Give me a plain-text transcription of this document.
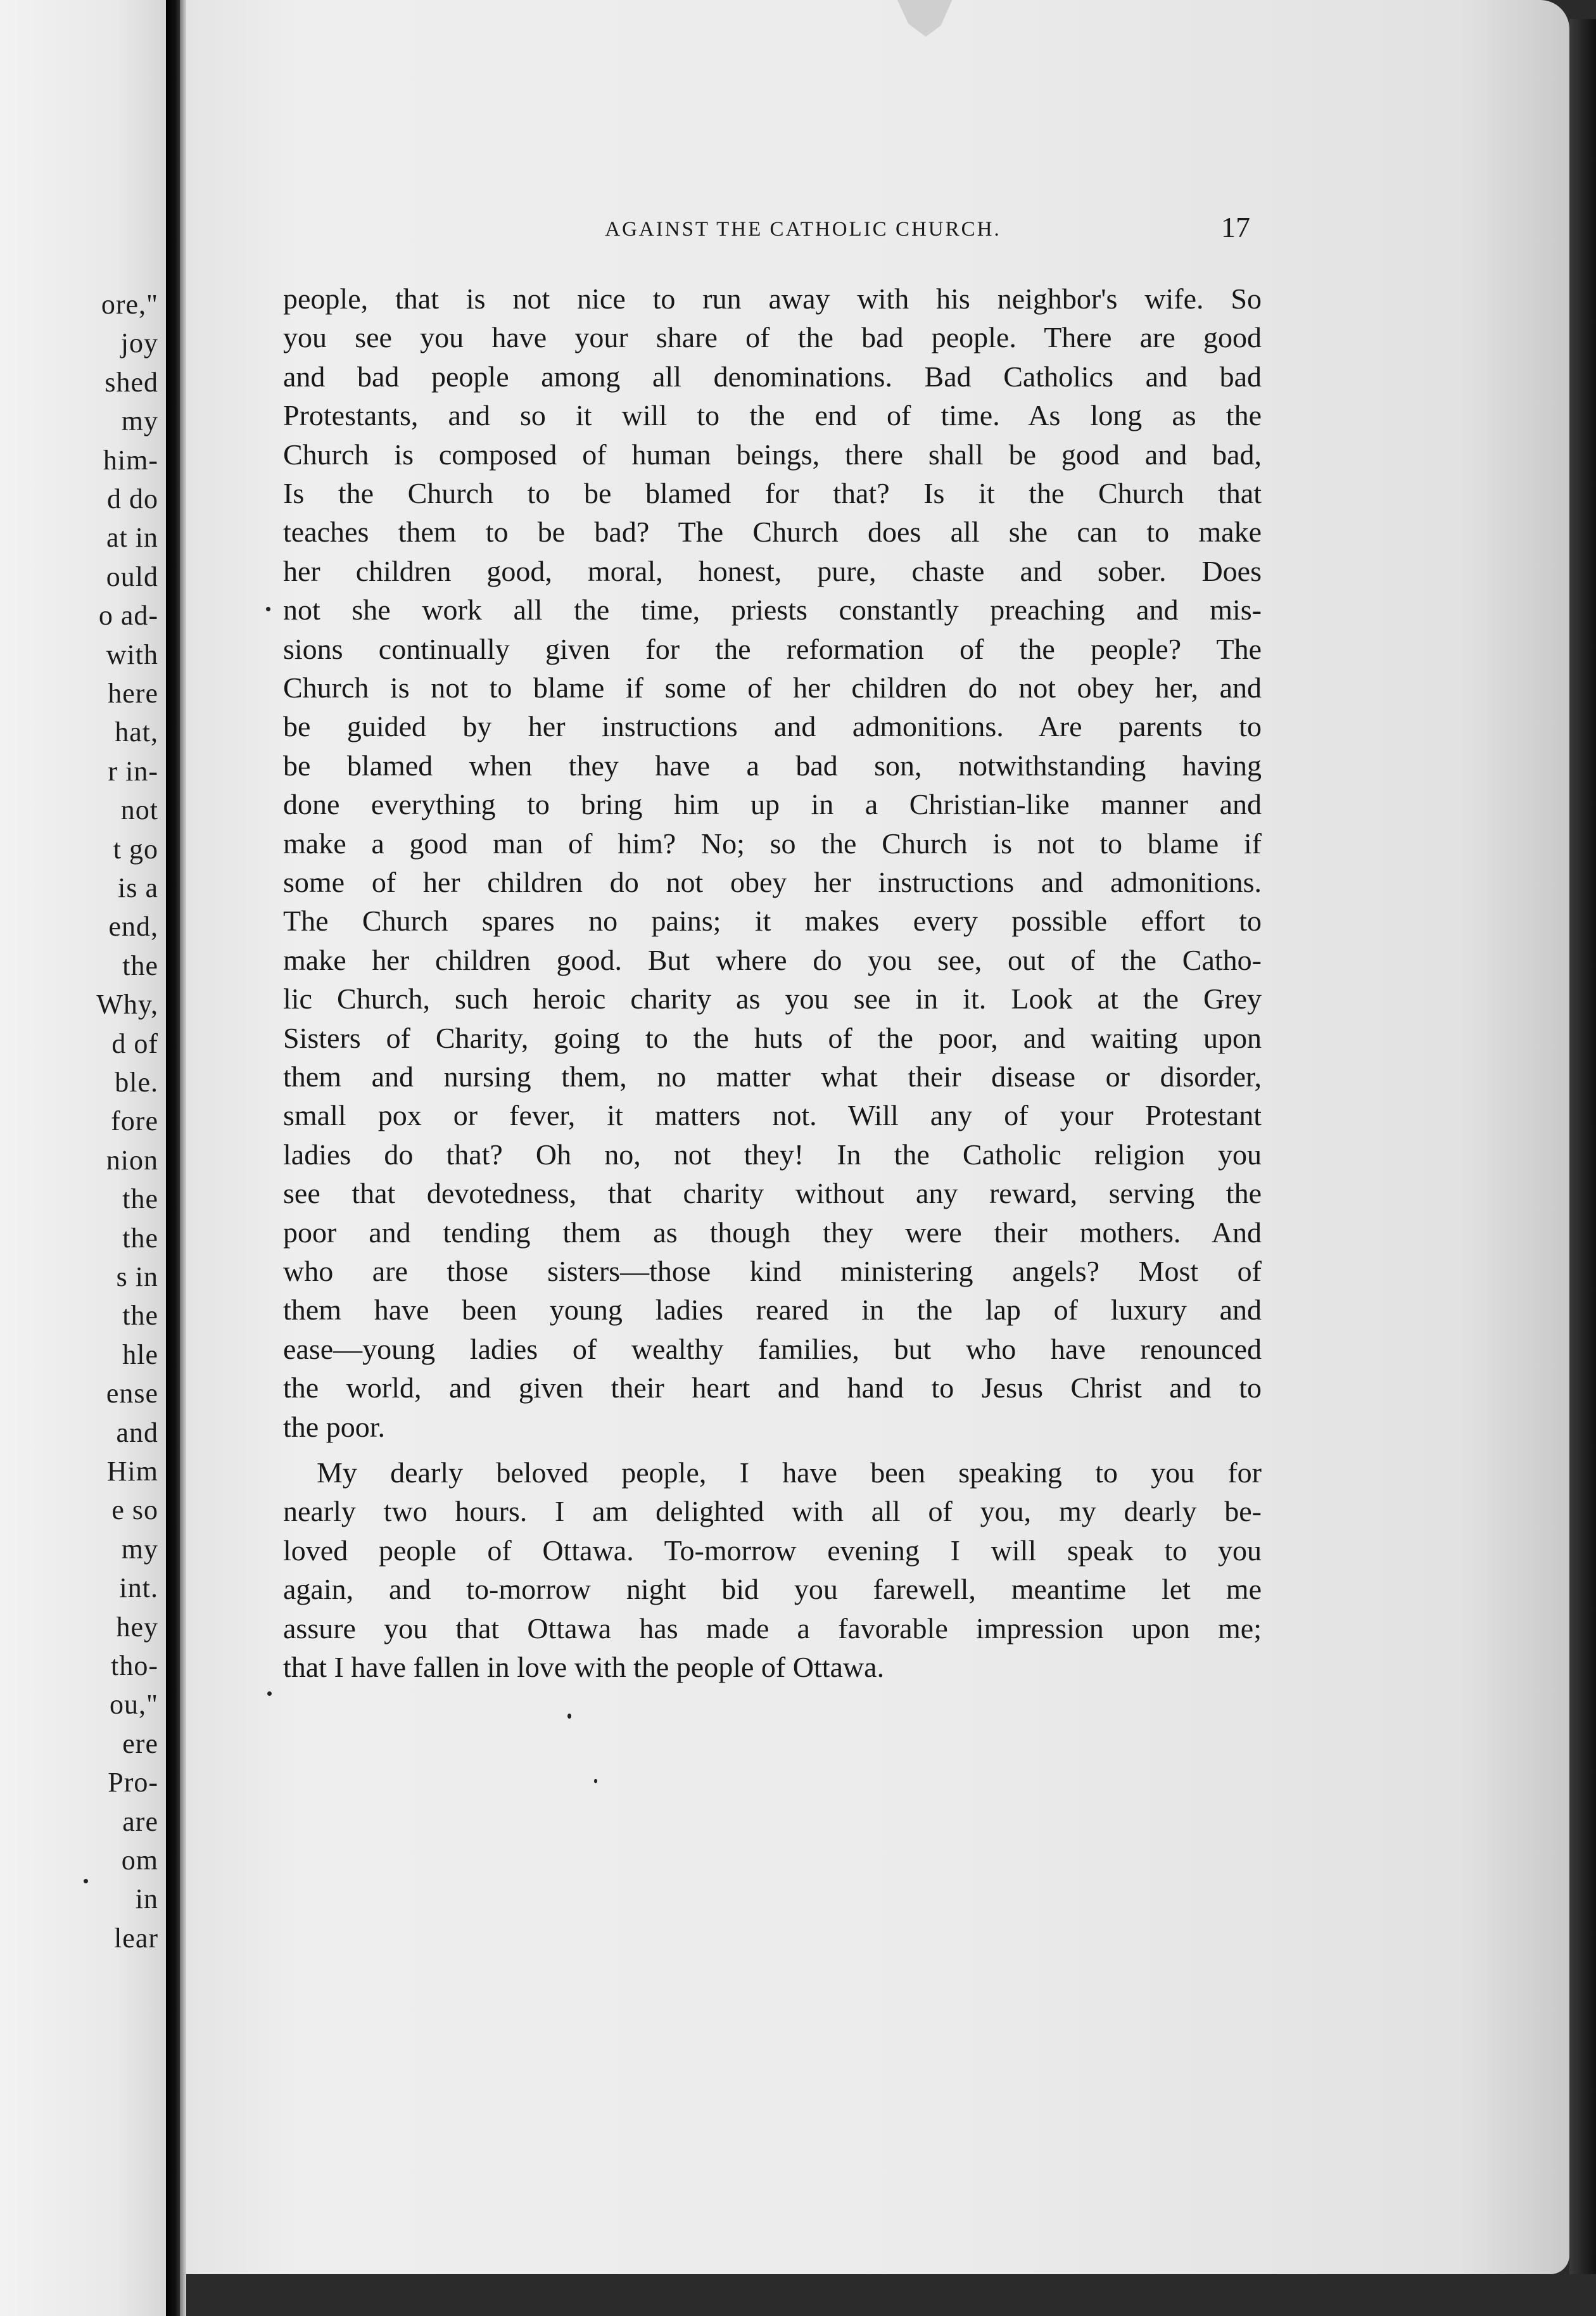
ore,"

joy

shed

my

him-

d do

at in

ould

o ad-

with

here

hat,

r in-

not

t go

is a

end,

the

Why,

d of

ble.

fore

nion

the

the

s in

the

hle

ense

and

Him

e so

my

int.

hey

tho-

ou,"

ere

Pro-

are

om

in

lear

AGAINST THE CATHOLIC CHURCH.	17

people, that is not nice to run away with his neighbor's wife. So

you see you have your share of the bad people. There are good

and bad people among all denominations. Bad Catholics and bad

Protestants, and so it will to the end of time. As long as the

Church is composed of human beings, there shall be good and bad,

Is the Church to be blamed for that? Is it the Church that

teaches them to be bad? The Church does all she can to make

her children good, moral, honest, pure, chaste and sober. Does

not she work all the time, priests constantly preaching and mis-

sions continually given for the reformation of the people? The

Church is not to blame if some of her children do not obey her, and

be guided by her instructions and admonitions. Are parents to

be blamed when they have a bad son, notwithstanding having

done everything to bring him up in a Christian-like manner and

make a good man of him? No; so the Church is not to blame if

some of her children do not obey her instructions and admonitions.

The Church spares no pains; it makes every possible effort to

make her children good. But where do you see, out of the Catho-

lic Church, such heroic charity as you see in it. Look at the Grey

Sisters of Charity, going to the huts of the poor, and waiting upon

them and nursing them, no matter what their disease or disorder,

small pox or fever, it matters not. Will any of your Protestant

ladies do that? Oh no, not they! In the Catholic religion you

see that devotedness, that charity without any reward, serving the

poor and tending them as though they were their mothers. And

who are those sisters—those kind ministering angels? Most of

them have been young ladies reared in the lap of luxury and

ease—young ladies of wealthy families, but who have renounced

the world, and given their heart and hand to Jesus Christ and to

the poor.

My dearly beloved people, I have been speaking to you for

nearly two hours. I am delighted with all of you, my dearly be-

loved people of Ottawa. To-morrow evening I will speak to you

again, and to-morrow night bid you farewell, meantime let me

assure you that Ottawa has made a favorable impression upon me;

that I have fallen in love with the people of Ottawa.
